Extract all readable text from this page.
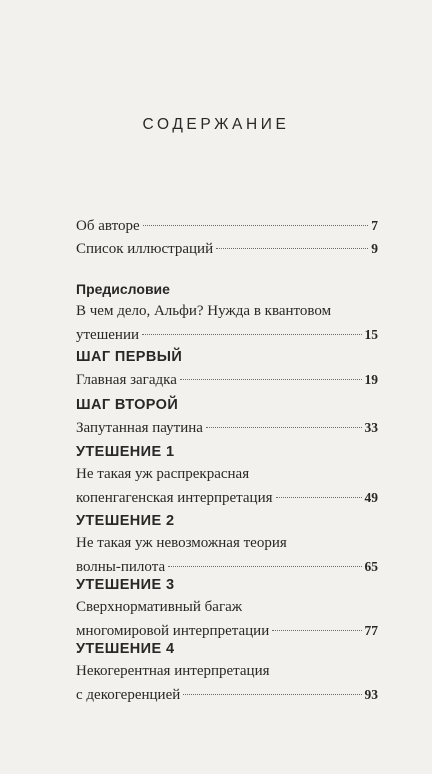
СОДЕРЖАНИЕ
Об авторе	7
Список иллюстраций	9
Предисловие
В чем дело, Альфи? Нужда в квантовом
утешении	15
ШАГ ПЕРВЫЙ
Главная загадка	19
ШАГ ВТОРОЙ
Запутанная паутина	33
УТЕШЕНИЕ 1
Не такая уж распрекрасная
копенгагенская интерпретация	49
УТЕШЕНИЕ 2
Не такая уж невозможная теория
волны-пилота	65
УТЕШЕНИЕ 3
Сверхнормативный багаж
многомировой интерпретации	77
УТЕШЕНИЕ 4
Некогерентная интерпретация
с декогеренцией	93
